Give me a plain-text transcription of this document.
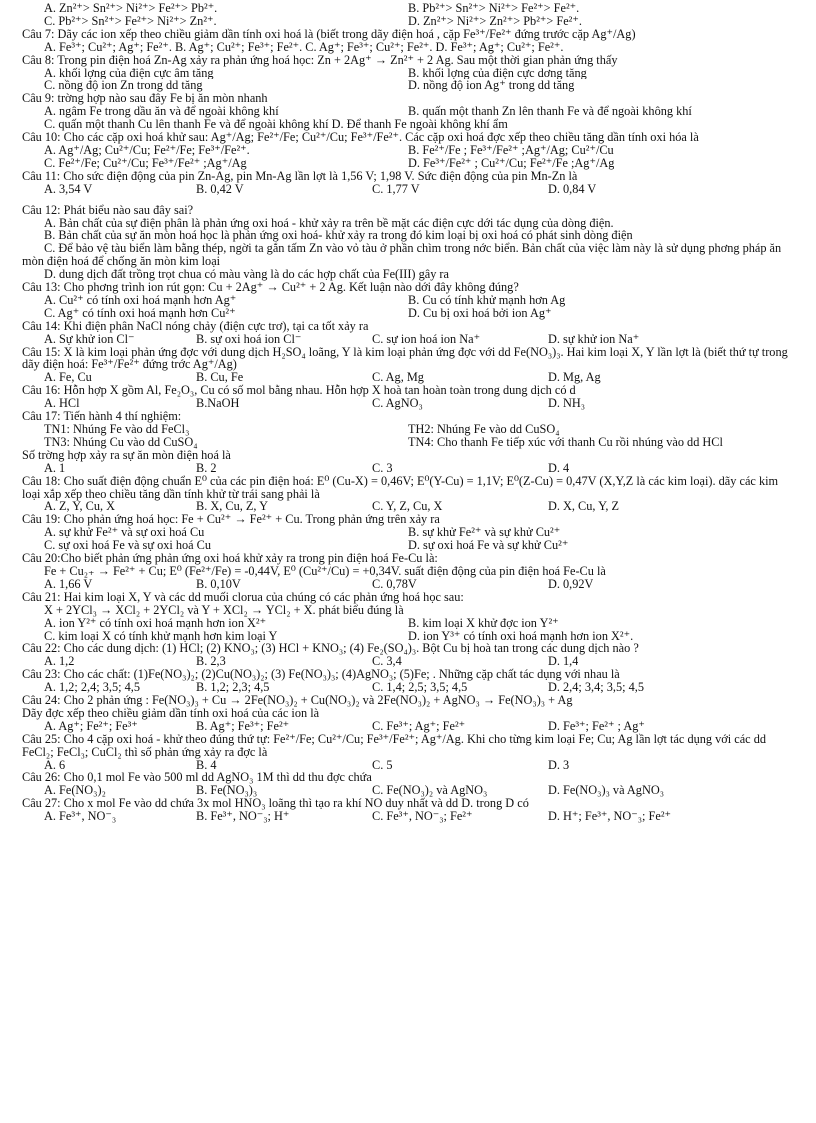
A. Zn²⁺> Sn²⁺> Ni²⁺> Fe²⁺> Pb²⁺.	B. Pb²⁺> Sn²⁺> Ni²⁺> Fe²⁺> Fe²⁺.
C. Pb²⁺> Sn²⁺> Fe²⁺> Ni²⁺> Zn²⁺.	D. Zn²⁺> Ni²⁺> Zn²⁺> Pb²⁺> Fe²⁺.
Câu 7: Dãy các ion xếp theo chiều giảm dần tính oxi hoá là (biết trong dãy điện hoá , cặp Fe³⁺/Fe²⁺ đứng trước cặp Ag⁺/Ag)
A. Fe³⁺; Cu²⁺; Ag⁺; Fe²⁺. B. Ag⁺; Cu²⁺; Fe³⁺; Fe²⁺. C. Ag⁺; Fe³⁺; Cu²⁺; Fe²⁺. D. Fe³⁺; Ag⁺; Cu²⁺; Fe²⁺.
Câu 8: Trong pin điện hoá Zn-Ag xảy ra phản ứng hoá học: Zn + 2Ag⁺ → Zn²⁺ + 2 Ag. Sau một thời gian phản ứng thấy
A. khối lợng của điện cực âm tăng	B. khối lợng của điện cực dơng tăng
C. nồng độ ion Zn trong dd tăng	D. nồng độ ion Ag⁺ trong dd tăng
Câu 9: trờng hợp nào sau đây Fe bị ăn mòn nhanh
A. ngâm Fe trong dầu ăn và để ngoài không khí	B. quấn một thanh Zn lên thanh Fe và để ngoài không khí
C. quấn một thanh Cu lên thanh Fe và để ngoài không khí D. Để thanh Fe ngoài không khí ẩm
Câu 10: Cho các cặp oxi hoá khử sau: Ag⁺/Ag; Fe²⁺/Fe; Cu²⁺/Cu; Fe³⁺/Fe²⁺. Các cặp oxi hoá đợc xếp theo chiều tăng dần tính oxi hóa là
A. Ag⁺/Ag; Cu²⁺/Cu; Fe²⁺/Fe; Fe³⁺/Fe²⁺.	B. Fe²⁺/Fe ; Fe³⁺/Fe²⁺ ;Ag⁺/Ag; Cu²⁺/Cu
C. Fe²⁺/Fe; Cu²⁺/Cu; Fe³⁺/Fe²⁺ ;Ag⁺/Ag	D. Fe³⁺/Fe²⁺ ; Cu²⁺/Cu; Fe²⁺/Fe ;Ag⁺/Ag
Câu 11: Cho sức điện động của pin Zn-Ag, pin Mn-Ag lần lợt là 1,56 V; 1,98 V. Sức điện động của pin Mn-Zn là
A. 3,54 V	B. 0,42 V	C. 1,77 V	D. 0,84 V
Câu 12: Phát biểu nào sau đây sai?
A. Bản chất của sự điện phân là phản ứng oxi hoá - khử xảy ra trên bề mặt các điện cực dới tác dụng của dòng điện.
B. Bản chất của sự ăn mòn hoá học là phản ứng oxi hoá- khử xảy ra trong đó kim loại bị oxi hoá có phát sinh dòng điện
C. Để bảo vệ tàu biển làm bằng thép, ngời ta gắn tấm Zn vào vỏ tàu ở phần chìm trong nớc biển. Bản chất của việc làm này là sử dụng phơng pháp ăn mòn điện hoá để chống ăn mòn kim loại
D. dung dịch đất trồng trọt chua có màu vàng là do các hợp chất của Fe(III) gây ra
Câu 13: Cho phơng trình ion rút gọn: Cu + 2Ag⁺ → Cu²⁺ + 2 Ag. Kết luận nào dới đây không đúng?
A. Cu²⁺ có tính oxi hoá mạnh hơn Ag⁺	B. Cu có tính khử mạnh hơn Ag
C. Ag⁺ có tính oxi hoá mạnh hơn Cu²⁺	D. Cu bị oxi hoá bởi ion Ag⁺
Câu 14: Khi điện phân NaCl nóng chảy (điện cực trơ), tại ca tốt xảy ra
A. Sự khử ion Cl⁻	B. sự oxi hoá ion Cl⁻	C. sự ion hoá ion Na⁺	D. sự khử ion Na⁺
Câu 15: X là kim loại phản ứng đợc với dung dịch H₂SO₄ loãng, Y là kim loại phản ứng đợc với dd Fe(NO₃)₃. Hai kim loại X, Y lần lợt là (biết thứ tự trong dãy điện hoá: Fe³⁺/Fe²⁺ đứng trớc Ag⁺/Ag)
A. Fe, Cu	B. Cu, Fe	C. Ag, Mg	D. Mg, Ag
Câu 16: Hỗn hợp X gồm Al, Fe₂O₃, Cu có số mol bằng nhau. Hỗn hợp X hoà tan hoàn toàn trong dung dịch có d
A. HCl	B.NaOH	C. AgNO₃	D. NH₃
Câu 17: Tiến hành 4 thí nghiệm:
TN1: Nhúng Fe vào dd FeCl₃	TH2: Nhúng Fe vào dd CuSO₄
TN3: Nhúng Cu vào dd CuSO₄	TN4: Cho thanh Fe tiếp xúc với thanh Cu rồi nhúng vào dd HCl
Số trờng hợp xảy ra sự ăn mòn điện hoá là
A. 1	B. 2	C. 3	D. 4
Câu 18: Cho suất điện động chuẩn E⁰ của các pin điện hoá: E⁰ (Cu-X) = 0,46V; E⁰(Y-Cu) = 1,1V; E⁰(Z-Cu) = 0,47V (X,Y,Z là các kim loại). dãy các kim loại xắp xếp theo chiều tăng dần tính khử từ trái sang phải là
A. Z, Y, Cu, X	B. X, Cu, Z, Y	C. Y, Z, Cu, X	D. X, Cu, Y, Z
Câu 19: Cho phản ứng hoá học: Fe + Cu²⁺ → Fe²⁺ + Cu. Trong phản ứng trên xảy ra
A. sự khử Fe²⁺ và sự oxi hoá Cu	B. sự khử Fe²⁺ và sự khử Cu²⁺
C. sự oxi hoá Fe và sự oxi hoá Cu	D. sự oxi hoá Fe và sự khử Cu²⁺
Câu 20:Cho biết phản ứng phản ứng oxi hoá khử xảy ra trong pin điện hoá Fe-Cu là:
Fe + Cu₂₊ → Fe²⁺ + Cu; E⁰ (Fe²⁺/Fe) = -0,44V, E⁰ (Cu²⁺/Cu) = +0,34V. suất điện động của pin điện hoá Fe-Cu là
A. 1,66 V	B. 0,10V	C. 0,78V	D. 0,92V
Câu 21: Hai kim loại X, Y và các dd muối clorua của chúng có các phản ứng hoá học sau:
X + 2YCl₃ → XCl₂ + 2YCl₂ và Y + XCl₂ → YCl₂ + X. phát biểu đúng là
A. ion Y²⁺ có tính oxi hoá mạnh hơn ion X²⁺	B. kim loại X khử đợc ion Y²⁺
C. kim loại X có tính khử mạnh hơn kim loại Y	D. ion Y³⁺ có tính oxi hoá mạnh hơn ion X²⁺.
Câu 22: Cho các dung dịch: (1) HCl; (2) KNO₃; (3) HCl + KNO₃; (4) Fe₂(SO₄)₃. Bột Cu bị hoà tan trong các dung dịch nào ?
A. 1,2	B. 2,3	C. 3,4	D. 1,4
Câu 23: Cho các chất: (1)Fe(NO₃)₂; (2)Cu(NO₃)₂; (3) Fe(NO₃)₃; (4)AgNO₃; (5)Fe; . Những cặp chất tác dụng với nhau là
A. 1,2; 2,4; 3,5; 4,5	B. 1,2; 2,3; 4,5	C. 1,4; 2,5; 3,5; 4,5	D. 2,4; 3,4; 3,5; 4,5
Câu 24: Cho 2 phản ứng : Fe(NO₃)₃ + Cu → 2Fe(NO₃)₂ + Cu(NO₃)₂ và 2Fe(NO₃)₂ + AgNO₃ → Fe(NO₃)₃ + Ag
Dãy đợc xếp theo chiều giảm dần tính oxi hoá của các ion là
A. Ag⁺; Fe²⁺; Fe³⁺	B. Ag⁺; Fe³⁺; Fe²⁺	C. Fe³⁺; Ag⁺; Fe²⁺	D. Fe³⁺; Fe²⁺ ; Ag⁺
Câu 25: Cho 4 cặp oxi hoá - khử theo đúng thứ tự: Fe²⁺/Fe; Cu²⁺/Cu; Fe³⁺/Fe²⁺; Ag⁺/Ag. Khi cho từng kim loại Fe; Cu; Ag lần lợt tác dụng với các dd FeCl₂; FeCl₃; CuCl₂ thì số phản ứng xảy ra đợc là
A. 6	B. 4	C. 5	D. 3
Câu 26: Cho 0,1 mol Fe vào 500 ml dd AgNO₃ 1M thì dd thu đợc chứa
A. Fe(NO₃)₂	B. Fe(NO₃)₃	C. Fe(NO₃)₂ và AgNO₃	D. Fe(NO₃)₃ và AgNO₃
Câu 27: Cho x mol Fe vào dd chứa 3x mol HNO₃ loãng thì tạo ra khí NO duy nhất và dd D. trong D có
A. Fe³⁺, NO⁻₃	B. Fe³⁺, NO⁻₃; H⁺	C. Fe³⁺, NO⁻₃; Fe²⁺	D. H⁺; Fe³⁺, NO⁻₃; Fe²⁺
